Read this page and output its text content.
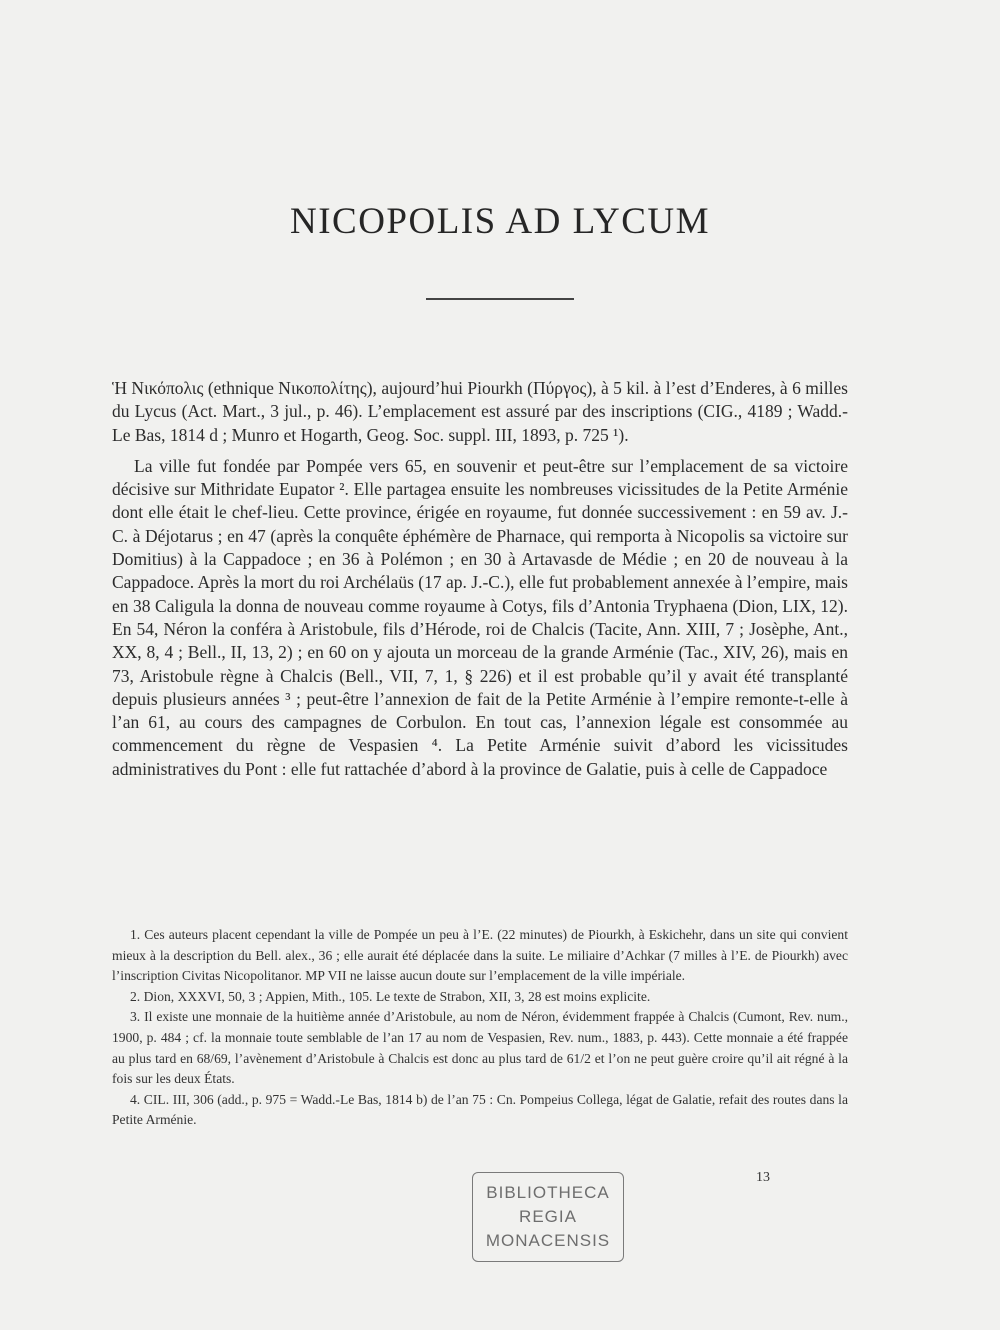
NICOPOLIS AD LYCUM

Ἡ Νικόπολις (ethnique Νικοπολίτης), aujourd’hui Piourkh (Πύργος), à 5 kil. à l’est d’Enderes, à 6 milles du Lycus (Act. Mart., 3 jul., p. 46). L’emplacement est assuré par des inscriptions (CIG., 4189 ; Wadd.-Le Bas, 1814 d ; Munro et Hogarth, Geog. Soc. suppl. III, 1893, p. 725 ¹).

La ville fut fondée par Pompée vers 65, en souvenir et peut-être sur l’emplacement de sa victoire décisive sur Mithridate Eupator ². Elle partagea ensuite les nombreuses vicissitudes de la Petite Arménie dont elle était le chef-lieu. Cette province, érigée en royaume, fut donnée successivement : en 59 av. J.-C. à Déjotarus ; en 47 (après la conquête éphémère de Pharnace, qui remporta à Nicopolis sa victoire sur Domitius) à la Cappadoce ; en 36 à Polémon ; en 30 à Artavasde de Médie ; en 20 de nouveau à la Cappadoce. Après la mort du roi Archélaüs (17 ap. J.-C.), elle fut probablement annexée à l’empire, mais en 38 Caligula la donna de nouveau comme royaume à Cotys, fils d’Antonia Tryphaena (Dion, LIX, 12). En 54, Néron la conféra à Aristobule, fils d’Hérode, roi de Chalcis (Tacite, Ann. XIII, 7 ; Josèphe, Ant., XX, 8, 4 ; Bell., II, 13, 2) ; en 60 on y ajouta un morceau de la grande Arménie (Tac., XIV, 26), mais en 73, Aristobule règne à Chalcis (Bell., VII, 7, 1, § 226) et il est probable qu’il y avait été transplanté depuis plusieurs années ³ ; peut-être l’annexion de fait de la Petite Arménie à l’empire remonte-t-elle à l’an 61, au cours des campagnes de Corbulon. En tout cas, l’annexion légale est consommée au commencement du règne de Vespasien ⁴. La Petite Arménie suivit d’abord les vicissitudes administratives du Pont : elle fut rattachée d’abord à la province de Galatie, puis à celle de Cappadoce

1. Ces auteurs placent cependant la ville de Pompée un peu à l’E. (22 minutes) de Piourkh, à Eskichehr, dans un site qui convient mieux à la description du Bell. alex., 36 ; elle aurait été déplacée dans la suite. Le miliaire d’Achkar (7 milles à l’E. de Piourkh) avec l’inscription Civitas Nicopolitanor. MP VII ne laisse aucun doute sur l’emplacement de la ville impériale.

2. Dion, XXXVI, 50, 3 ; Appien, Mith., 105. Le texte de Strabon, XII, 3, 28 est moins explicite.

3. Il existe une monnaie de la huitième année d’Aristobule, au nom de Néron, évidemment frappée à Chalcis (Cumont, Rev. num., 1900, p. 484 ; cf. la monnaie toute semblable de l’an 17 au nom de Vespasien, Rev. num., 1883, p. 443). Cette monnaie a été frappée au plus tard en 68/69, l’avènement d’Aristobule à Chalcis est donc au plus tard de 61/2 et l’on ne peut guère croire qu’il ait régné à la fois sur les deux États.

4. CIL. III, 306 (add., p. 975 = Wadd.-Le Bas, 1814 b) de l’an 75 : Cn. Pompeius Collega, légat de Galatie, refait des routes dans la Petite Arménie.

BIBLIOTHECA
REGIA
MONACENSIS
13
